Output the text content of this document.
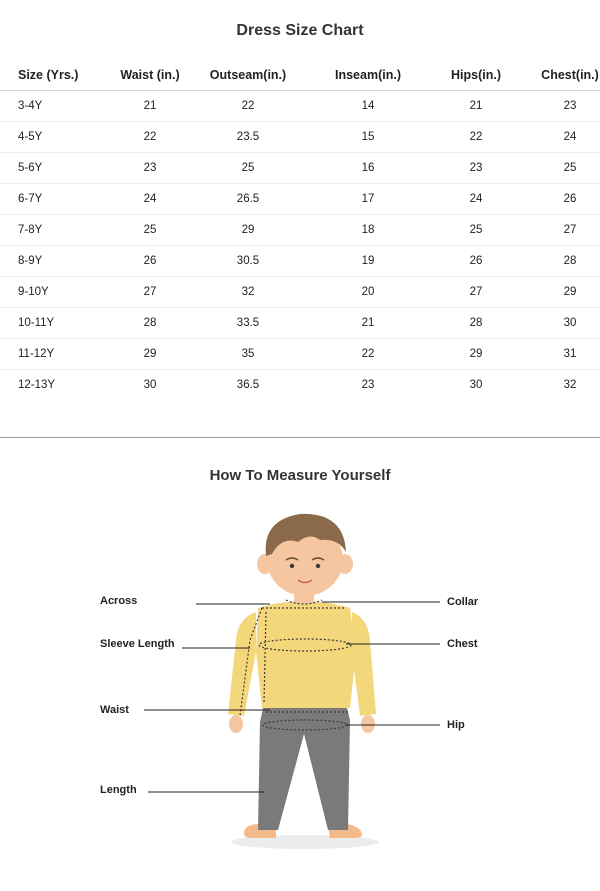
Dress Size Chart
Size (Yrs.)	Waist (in.)	Outseam(in.)	Inseam(in.)	Hips(in.)	Chest(in.)
3-4Y	21	22	14	21	23
4-5Y	22	23.5	15	22	24
5-6Y	23	25	16	23	25
6-7Y	24	26.5	17	24	26
7-8Y	25	29	18	25	27
8-9Y	26	30.5	19	26	28
9-10Y	27	32	20	27	29
10-11Y	28	33.5	21	28	30
11-12Y	29	35	22	29	31
12-13Y	30	36.5	23	30	32
How To Measure Yourself
Across
Sleeve Length
Waist
Length
Collar
Chest
Hip
